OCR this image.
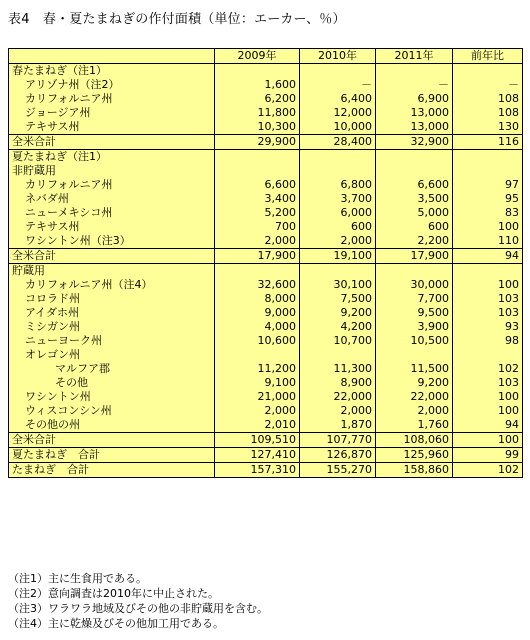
表4　春・夏たまねぎの作付面積（単位：エーカー、％）
	2009年	2010年	2011年	前年比
春たまねぎ（注1）				
アリゾナ州（注2）	1,600	－	－	－
カリフォルニア州	6,200	6,400	6,900	108
ジョージア州	11,800	12,000	13,000	108
テキサス州	10,300	10,000	13,000	130
全米合計	29,900	28,400	32,900	116
夏たまねぎ（注1）				
非貯蔵用				
カリフォルニア州	6,600	6,800	6,600	97
ネバダ州	3,400	3,700	3,500	95
ニューメキシコ州	5,200	6,000	5,000	83
テキサス州	700	600	600	100
ワシントン州（注3）	2,000	2,000	2,200	110
全米合計	17,900	19,100	17,900	94
貯蔵用				
カリフォルニア州（注4）	32,600	30,100	30,000	100
コロラド州	8,000	7,500	7,700	103
アイダホ州	9,000	9,200	9,500	103
ミシガン州	4,000	4,200	3,900	93
ニューヨーク州	10,600	10,700	10,500	98
オレゴン州				
マルフア郡	11,200	11,300	11,500	102
その他	9,100	8,900	9,200	103
ワシントン州	21,000	22,000	22,000	100
ウィスコンシン州	2,000	2,000	2,000	100
その他の州	2,010	1,870	1,760	94
全米合計	109,510	107,770	108,060	100
夏たまねぎ　合計	127,410	126,870	125,960	99
たまねぎ　合計	157,310	155,270	158,860	102
（注1）主に生食用である。
（注2）意向調査は2010年に中止された。
（注3）ワラワラ地域及びその他の非貯蔵用を含む。
（注4）主に乾燥及びその他加工用である。
